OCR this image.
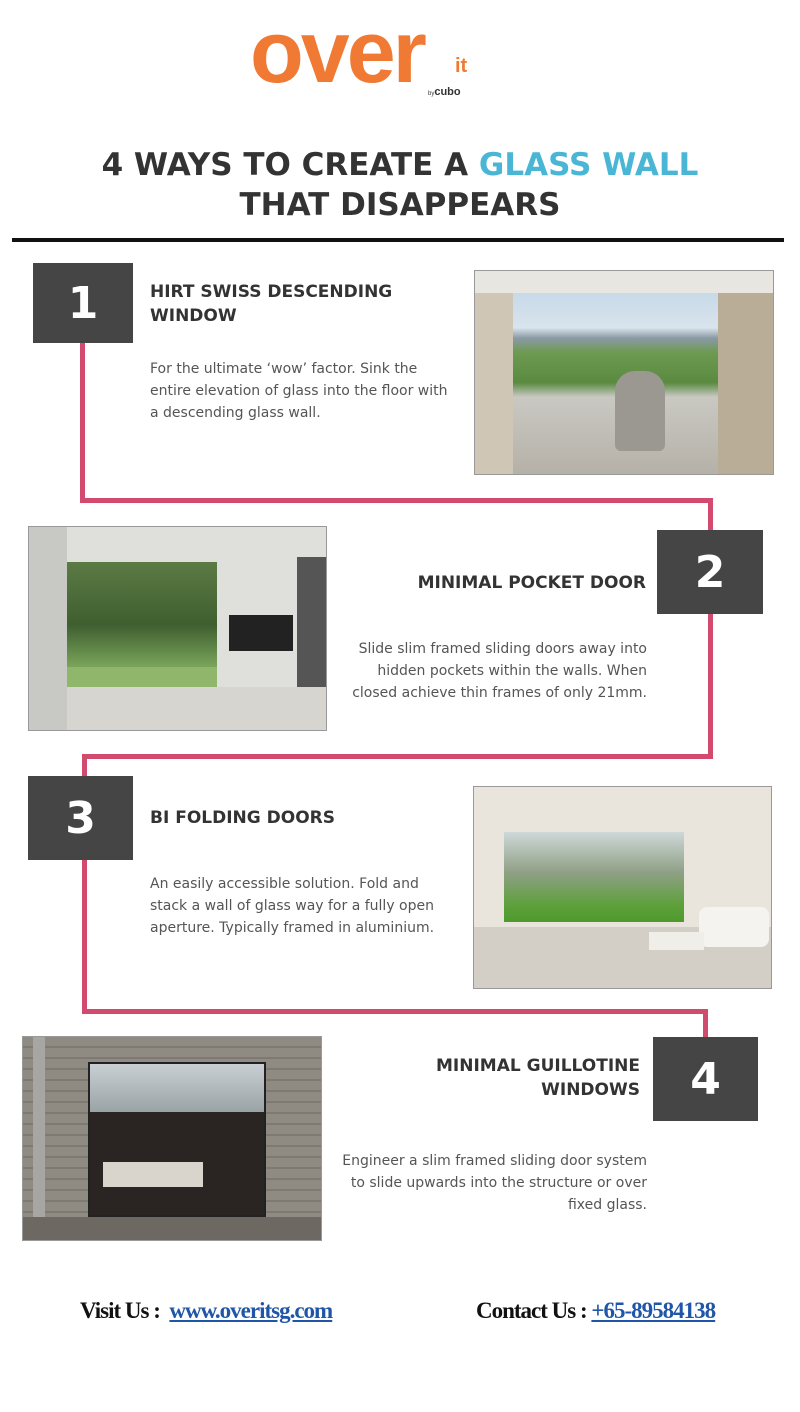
over it
bycubo
4 WAYS TO CREATE A GLASS WALL
THAT DISAPPEARS
1	HIRT SWISS DESCENDING WINDOW
For the ultimate ‘wow’ factor. Sink the entire elevation of glass into the floor with a descending glass wall.
2
MINIMAL POCKET DOOR
Slide slim framed sliding doors away into hidden pockets within the walls. When closed achieve thin frames of only 21mm.
3	BI FOLDING DOORS
An easily accessible solution. Fold and stack a wall of glass way for a fully open aperture. Typically framed in aluminium.
4
MINIMAL GUILLOTINE WINDOWS
Engineer a slim framed sliding door system to slide upwards into the structure or over fixed glass.
Visit Us : www.overitsg.com	Contact Us : +65-89584138
